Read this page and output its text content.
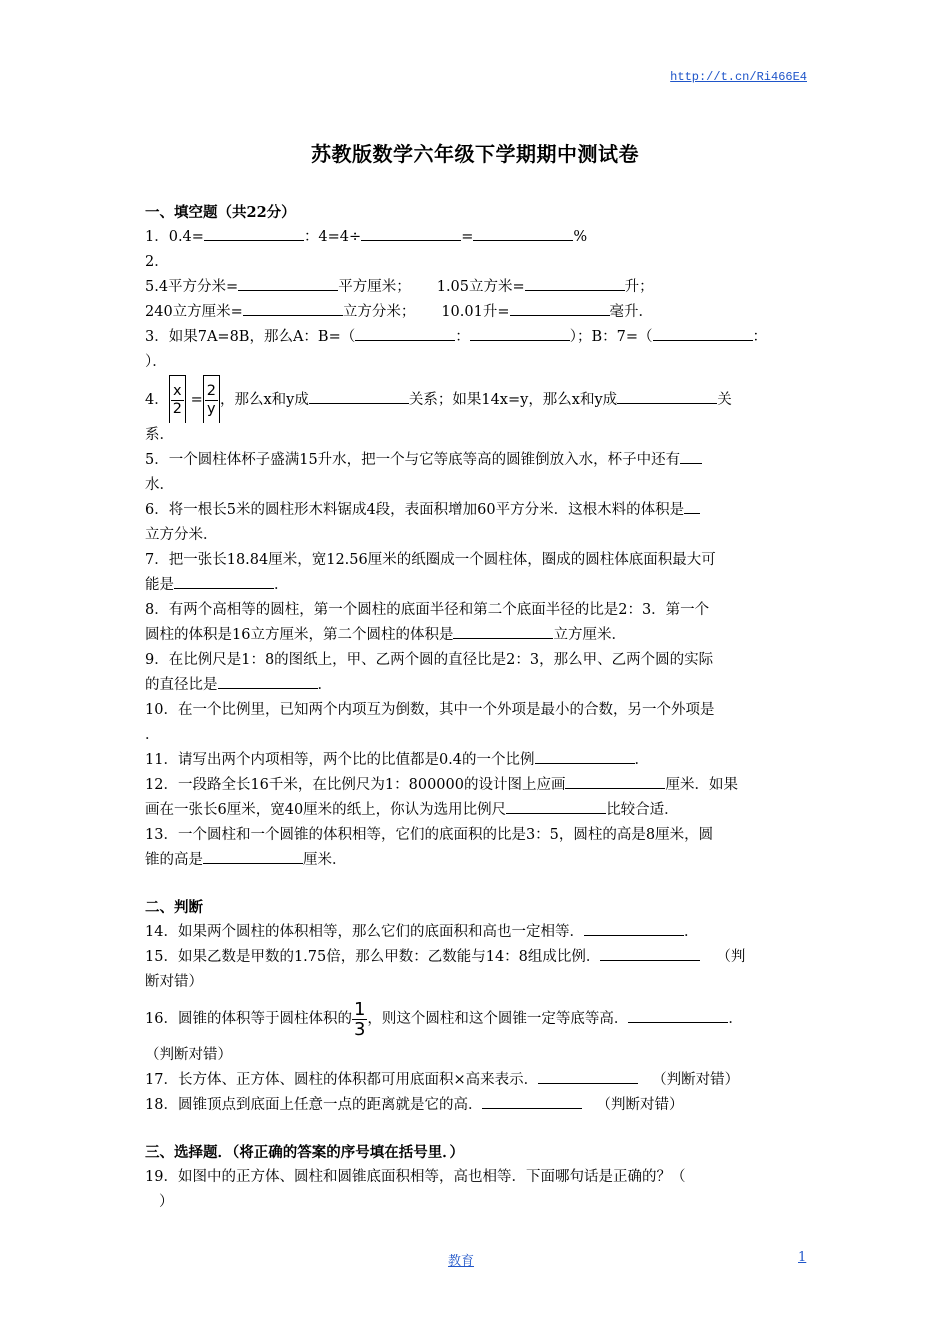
http://t.cn/Ri466E4
苏教版数学六年级下学期期中测试卷
一、填空题（共22分）
1．0.4=	：4=4÷	=	%
2．
5.4平方分米=	平方厘米； 1.05立方米=	升；
240立方厘米=	立方分米； 10.01升=	毫升．
3．如果7A=8B，那么A：B=（	：	）；B：7=（	：
）．
4． $\frac{x}{2} = \frac{2}{y}$ ，那么x和y成	关系；如果14x=y，那么x和y成	关
系．
5．一个圆柱体杯子盛满15升水，把一个与它等底等高的圆锥倒放入水，杯子中还有
水．
6．将一根长5米的圆柱形木料锯成4段，表面积增加60平方分米．这根木料的体积是
立方分米．
7．把一张长18.84厘米，宽12.56厘米的纸圈成一个圆柱体，圈成的圆柱体底面积最大可
能是	．
8．有两个高相等的圆柱，第一个圆柱的底面半径和第二个底面半径的比是2：3．第一个
圆柱的体积是16立方厘米，第二个圆柱的体积是	立方厘米．
9．在比例尺是1：8的图纸上，甲、乙两个圆的直径比是2：3，那么甲、乙两个圆的实际
的直径比是	．
10．在一个比例里，已知两个内项互为倒数，其中一个外项是最小的合数，另一个外项是
．
11．请写出两个内项相等，两个比的比值都是0.4的一个比例	．
12．一段路全长16千米，在比例尺为1：800000的设计图上应画	厘米．如果
画在一张长6厘米，宽40厘米的纸上，你认为选用比例尺	比较合适．
13．一个圆柱和一个圆锥的体积相等，它们的底面积的比是3：5，圆柱的高是8厘米，圆
锥的高是	厘米．
二、判断
14．如果两个圆柱的体积相等，那么它们的底面积和高也一定相等．	．
15．如果乙数是甲数的1.75倍，那么甲数：乙数能与14：8组成比例．	（判
断对错）
16．圆锥的体积等于圆柱体积的 $\frac{1}{3}$ ，则这个圆柱和这个圆锥一定等底等高．	．
（判断对错）
17．长方体、正方体、圆柱的体积都可用底面积×高来表示．	（判断对错）
18．圆锥顶点到底面上任意一点的距离就是它的高．	（判断对错）
三、选择题．（将正确的答案的序号填在括号里．）
19．如图中的正方体、圆柱和圆锥底面积相等，高也相等．下面哪句话是正确的？（
）
教育	1
